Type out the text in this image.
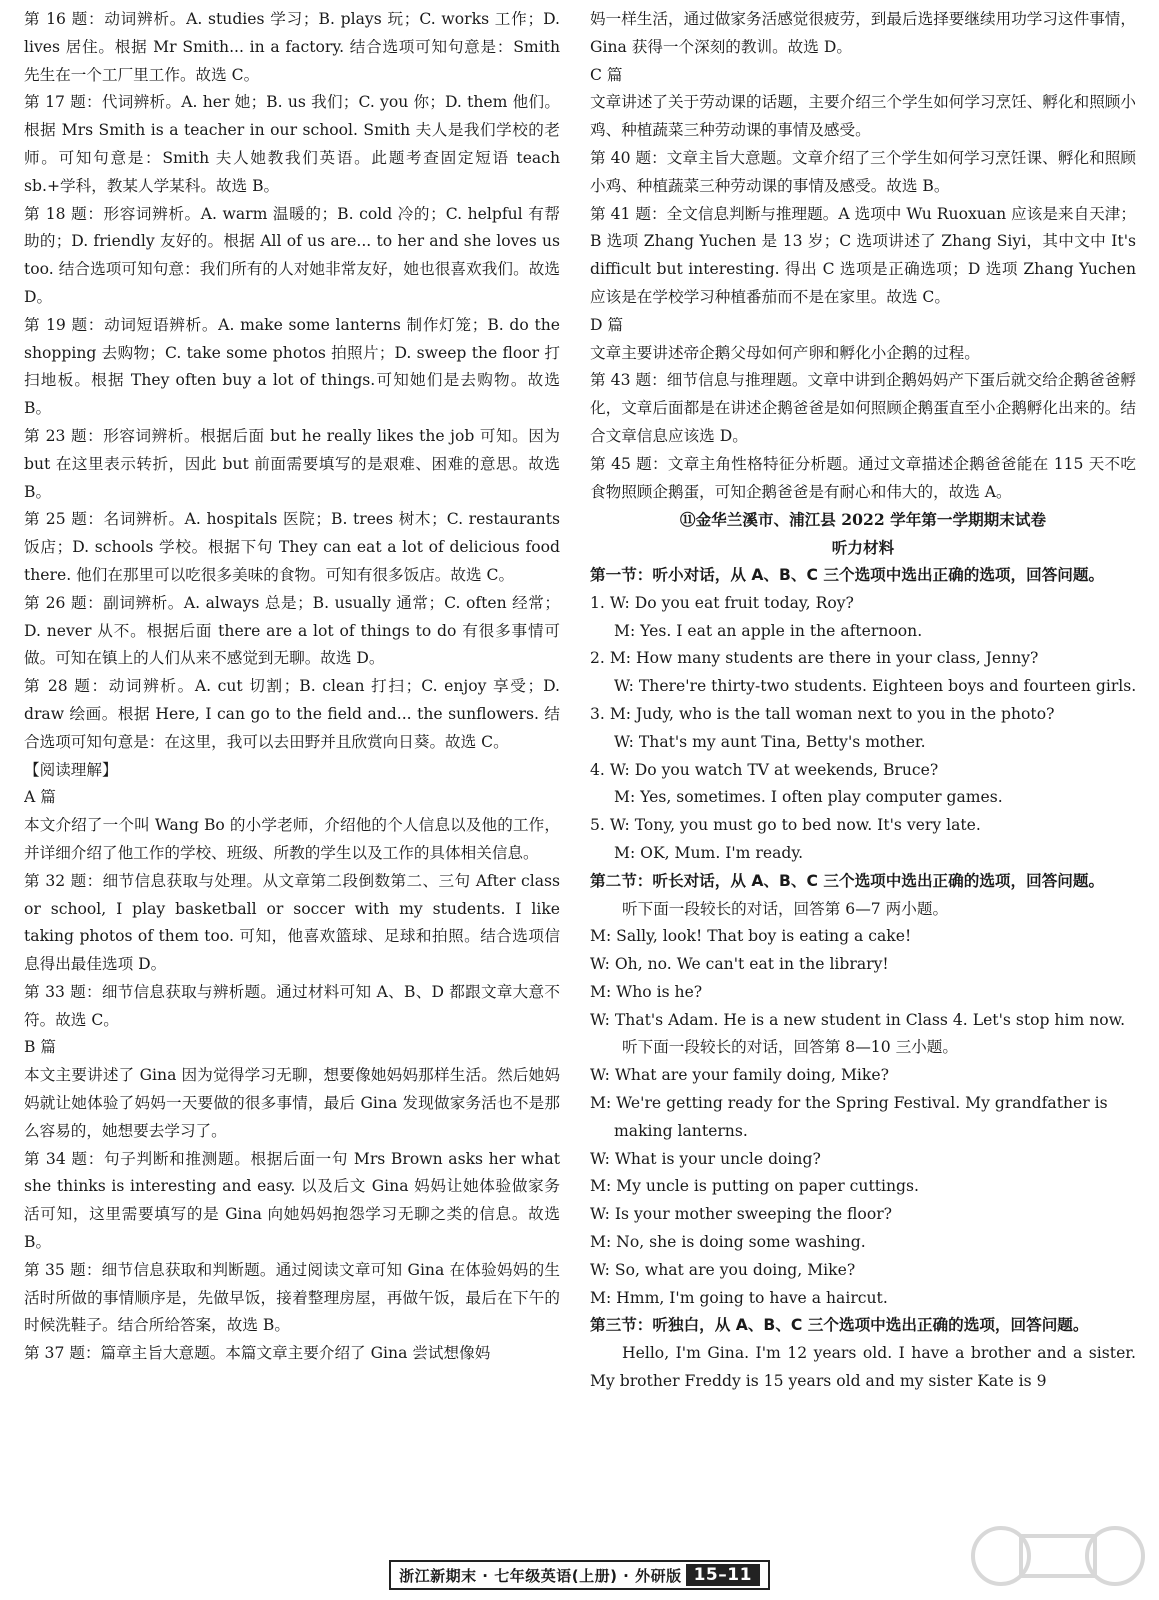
第 16 题：动词辨析。A. studies 学习；B. plays 玩；C. works 工作；D. lives 居住。根据 Mr Smith... in a factory. 结合选项可知句意是：Smith 先生在一个工厂里工作。故选 C。

第 17 题：代词辨析。A. her 她；B. us 我们；C. you 你；D. them 他们。根据 Mrs Smith is a teacher in our school. Smith 夫人是我们学校的老师。可知句意是：Smith 夫人她教我们英语。此题考查固定短语 teach sb.+学科，教某人学某科。故选 B。

第 18 题：形容词辨析。A. warm 温暖的；B. cold 冷的；C. helpful 有帮助的；D. friendly 友好的。根据 All of us are... to her and she loves us too. 结合选项可知句意：我们所有的人对她非常友好，她也很喜欢我们。故选 D。

第 19 题：动词短语辨析。A. make some lanterns 制作灯笼；B. do the shopping 去购物；C. take some photos 拍照片；D. sweep the floor 打扫地板。根据 They often buy a lot of things.可知她们是去购物。故选 B。

第 23 题：形容词辨析。根据后面 but he really likes the job 可知。因为 but 在这里表示转折，因此 but 前面需要填写的是艰难、困难的意思。故选 B。

第 25 题：名词辨析。A. hospitals 医院；B. trees 树木；C. restaurants 饭店；D. schools 学校。根据下句 They can eat a lot of delicious food there. 他们在那里可以吃很多美味的食物。可知有很多饭店。故选 C。

第 26 题：副词辨析。A. always 总是；B. usually 通常；C. often 经常；D. never 从不。根据后面 there are a lot of things to do 有很多事情可做。可知在镇上的人们从来不感觉到无聊。故选 D。

第 28 题：动词辨析。A. cut 切割；B. clean 打扫；C. enjoy 享受；D. draw 绘画。根据 Here, I can go to the field and... the sunflowers. 结合选项可知句意是：在这里，我可以去田野并且欣赏向日葵。故选 C。

【阅读理解】

A 篇

本文介绍了一个叫 Wang Bo 的小学老师，介绍他的个人信息以及他的工作，并详细介绍了他工作的学校、班级、所教的学生以及工作的具体相关信息。

第 32 题：细节信息获取与处理。从文章第二段倒数第二、三句 After class or school, I play basketball or soccer with my students. I like taking photos of them too. 可知，他喜欢篮球、足球和拍照。结合选项信息得出最佳选项 D。

第 33 题：细节信息获取与辨析题。通过材料可知 A、B、D 都跟文章大意不符。故选 C。

B 篇

本文主要讲述了 Gina 因为觉得学习无聊，想要像她妈妈那样生活。然后她妈妈就让她体验了妈妈一天要做的很多事情，最后 Gina 发现做家务活也不是那么容易的，她想要去学习了。

第 34 题：句子判断和推测题。根据后面一句 Mrs Brown asks her what she thinks is interesting and easy. 以及后文 Gina 妈妈让她体验做家务活可知，这里需要填写的是 Gina 向她妈妈抱怨学习无聊之类的信息。故选 B。

第 35 题：细节信息获取和判断题。通过阅读文章可知 Gina 在体验妈妈的生活时所做的事情顺序是，先做早饭，接着整理房屋，再做午饭，最后在下午的时候洗鞋子。结合所给答案，故选 B。

第 37 题：篇章主旨大意题。本篇文章主要介绍了 Gina 尝试想像妈

妈一样生活，通过做家务活感觉很疲劳，到最后选择要继续用功学习这件事情，Gina 获得一个深刻的教训。故选 D。

C 篇

文章讲述了关于劳动课的话题，主要介绍三个学生如何学习烹饪、孵化和照顾小鸡、种植蔬菜三种劳动课的事情及感受。

第 40 题：文章主旨大意题。文章介绍了三个学生如何学习烹饪课、孵化和照顾小鸡、种植蔬菜三种劳动课的事情及感受。故选 B。

第 41 题：全文信息判断与推理题。A 选项中 Wu Ruoxuan 应该是来自天津；B 选项 Zhang Yuchen 是 13 岁；C 选项讲述了 Zhang Siyi，其中文中 It's difficult but interesting. 得出 C 选项是正确选项；D 选项 Zhang Yuchen 应该是在学校学习种植番茄而不是在家里。故选 C。

D 篇

文章主要讲述帝企鹅父母如何产卵和孵化小企鹅的过程。

第 43 题：细节信息与推理题。文章中讲到企鹅妈妈产下蛋后就交给企鹅爸爸孵化，文章后面都是在讲述企鹅爸爸是如何照顾企鹅蛋直至小企鹅孵化出来的。结合文章信息应该选 D。

第 45 题：文章主角性格特征分析题。通过文章描述企鹅爸爸能在 115 天不吃食物照顾企鹅蛋，可知企鹅爸爸是有耐心和伟大的，故选 A。

⑪金华兰溪市、浦江县 2022 学年第一学期期末试卷

听力材料

第一节：听小对话，从 A、B、C 三个选项中选出正确的选项，回答问题。

1. W: Do you eat fruit today, Roy?

M: Yes. I eat an apple in the afternoon.

2. M: How many students are there in your class, Jenny?

W: There're thirty-two students. Eighteen boys and fourteen girls.

3. M: Judy, who is the tall woman next to you in the photo?

W: That's my aunt Tina, Betty's mother.

4. W: Do you watch TV at weekends, Bruce?

M: Yes, sometimes. I often play computer games.

5. W: Tony, you must go to bed now. It's very late.

M: OK, Mum. I'm ready.

第二节：听长对话，从 A、B、C 三个选项中选出正确的选项，回答问题。

听下面一段较长的对话，回答第 6—7 两小题。

M: Sally, look! That boy is eating a cake!

W: Oh, no. We can't eat in the library!

M: Who is he?

W: That's Adam. He is a new student in Class 4. Let's stop him now.

听下面一段较长的对话，回答第 8—10 三小题。

W: What are your family doing, Mike?

M: We're getting ready for the Spring Festival. My grandfather is

making lanterns.

W: What is your uncle doing?

M: My uncle is putting on paper cuttings.

W: Is your mother sweeping the floor?

M: No, she is doing some washing.

W: So, what are you doing, Mike?

M: Hmm, I'm going to have a haircut.

第三节：听独白，从 A、B、C 三个选项中选出正确的选项，回答问题。

Hello, I'm Gina. I'm 12 years old. I have a brother and a sister. My brother Freddy is 15 years old and my sister Kate is 9

浙江新期末 · 七年级英语(上册) · 外研版 15–11
